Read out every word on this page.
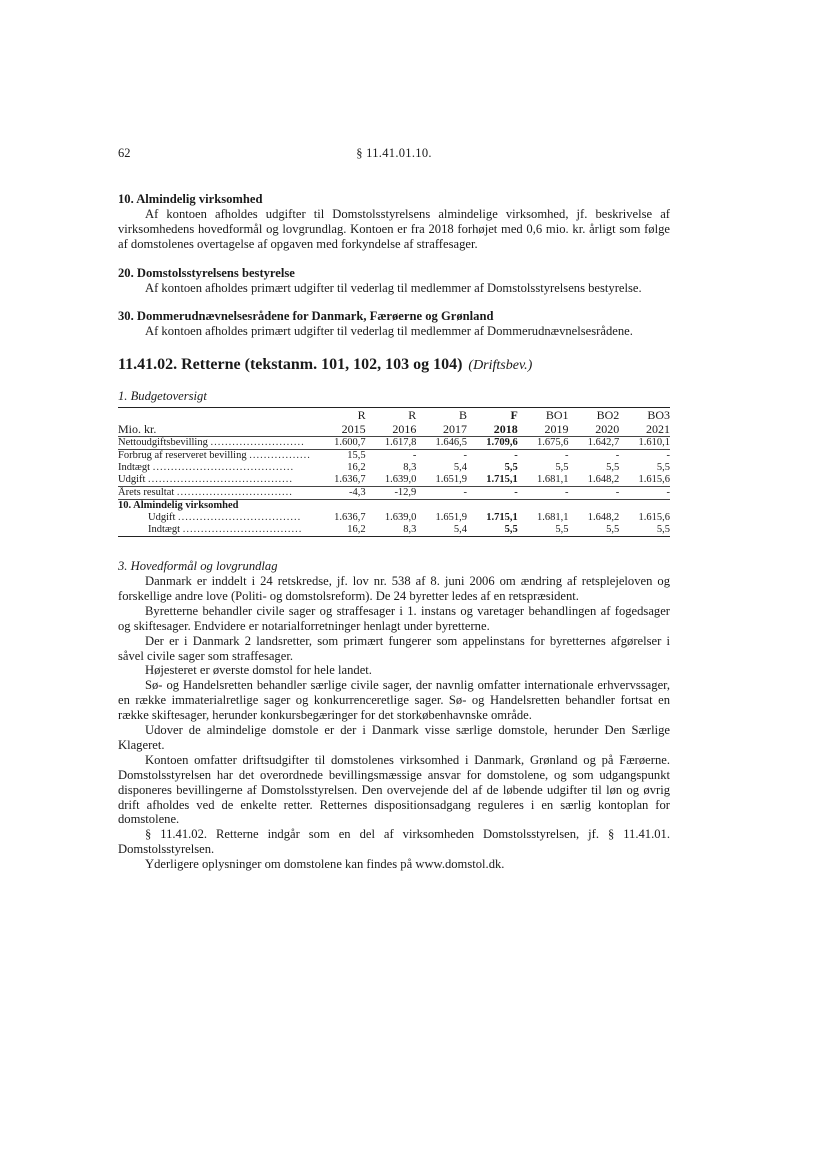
62	§ 11.41.01.10.
10. Almindelig virksomhed

Af kontoen afholdes udgifter til Domstolsstyrelsens almindelige virksomhed, jf. beskrivelse af virksomhedens hovedformål og lovgrundlag. Kontoen er fra 2018 forhøjet med 0,6 mio. kr. årligt som følge af domstolenes overtagelse af opgaven med forkyndelse af straffesager.

20. Domstolsstyrelsens bestyrelse

Af kontoen afholdes primært udgifter til vederlag til medlemmer af Domstolsstyrelsens bestyrelse.

30. Dommerudnævnelsesrådene for Danmark, Færøerne og Grønland

Af kontoen afholdes primært udgifter til vederlag til medlemmer af Dommerudnævnelsesrådene.

11.41.02. Retterne (tekstanm. 101, 102, 103 og 104) (Driftsbev.)
1. Budgetoversigt
	R	R	B	F	BO1	BO2	BO3
Mio. kr.	2015	2016	2017	2018	2019	2020	2021
Nettoudgiftsbevilling ..........................	1.600,7	1.617,8	1.646,5	1.709,6	1.675,6	1.642,7	1.610,1
Forbrug af reserveret bevilling .................	15,5	-	-	-	-	-	-
Indtægt .......................................	16,2	8,3	5,4	5,5	5,5	5,5	5,5
Udgift ........................................	1.636,7	1.639,0	1.651,9	1.715,1	1.681,1	1.648,2	1.615,6
Årets resultat ................................	-4,3	-12,9	-	-	-	-	-
10. Almindelig virksomhed							
Udgift ..................................	1.636,7	1.639,0	1.651,9	1.715,1	1.681,1	1.648,2	1.615,6
Indtægt .................................	16,2	8,3	5,4	5,5	5,5	5,5	5,5
3. Hovedformål og lovgrundlag

Danmark er inddelt i 24 retskredse, jf. lov nr. 538 af 8. juni 2006 om ændring af retsplejeloven og forskellige andre love (Politi- og domstolsreform). De 24 byretter ledes af en retspræsident.

Byretterne behandler civile sager og straffesager i 1. instans og varetager behandlingen af fogedsager og skiftesager. Endvidere er notarialforretninger henlagt under byretterne.

Der er i Danmark 2 landsretter, som primært fungerer som appelinstans for byretternes afgørelser i såvel civile sager som straffesager.

Højesteret er øverste domstol for hele landet.

Sø- og Handelsretten behandler særlige civile sager, der navnlig omfatter internationale erhvervssager, en række immaterialretlige sager og konkurrenceretlige sager. Sø- og Handelsretten behandler fortsat en række skiftesager, herunder konkursbegæringer for det storkøbenhavnske område.

Udover de almindelige domstole er der i Danmark visse særlige domstole, herunder Den Særlige Klageret.

Kontoen omfatter driftsudgifter til domstolenes virksomhed i Danmark, Grønland og på Færøerne. Domstolsstyrelsen har det overordnede bevillingsmæssige ansvar for domstolene, og som udgangspunkt disponeres bevillingerne af Domstolsstyrelsen. Den overvejende del af de løbende udgifter til løn og øvrig drift afholdes ved de enkelte retter. Retternes dispositionsadgang reguleres i en særlig kontoplan for domstolene.

§ 11.41.02. Retterne indgår som en del af virksomheden Domstolsstyrelsen, jf. § 11.41.01. Domstolsstyrelsen.

Yderligere oplysninger om domstolene kan findes på www.domstol.dk.
